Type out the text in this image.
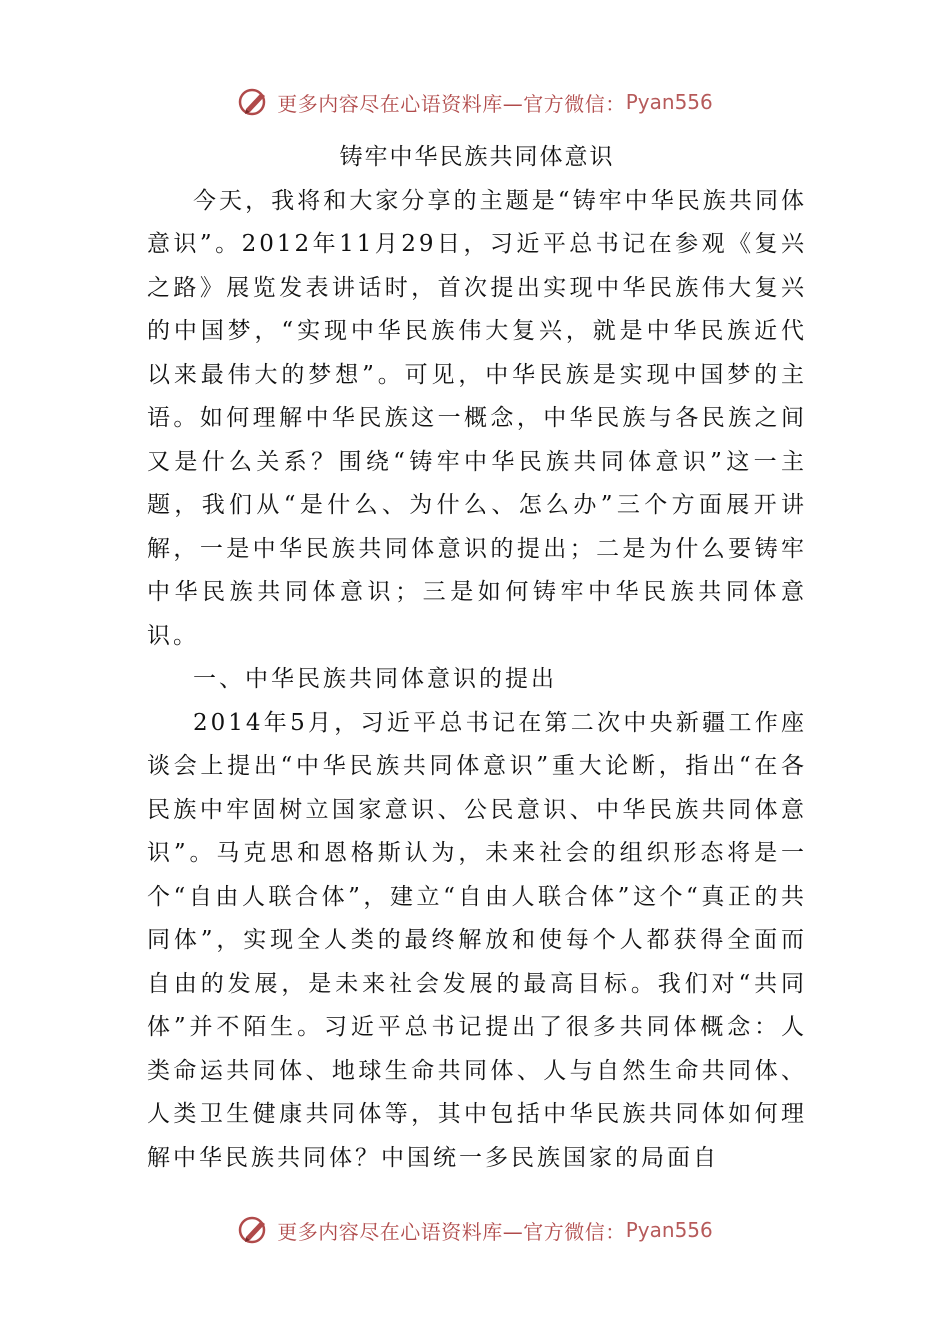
更多内容尽在心语资料库—官方微信： Pyan556
铸牢中华民族共同体意识

今天，我将和大家分享的主题是“铸牢中华民族共同体意识”。2012年11月29日，习近平总书记在参观《复兴之路》展览发表讲话时，首次提出实现中华民族伟大复兴的中国梦，“实现中华民族伟大复兴，就是中华民族近代以来最伟大的梦想”。可见，中华民族是实现中国梦的主语。如何理解中华民族这一概念，中华民族与各民族之间又是什么关系？围绕“铸牢中华民族共同体意识”这一主题，我们从“是什么、为什么、怎么办”三个方面展开讲解，一是中华民族共同体意识的提出；二是为什么要铸牢中华民族共同体意识；三是如何铸牢中华民族共同体意识。

一、中华民族共同体意识的提出

2014年5月，习近平总书记在第二次中央新疆工作座谈会上提出“中华民族共同体意识”重大论断，指出“在各民族中牢固树立国家意识、公民意识、中华民族共同体意识”。马克思和恩格斯认为，未来社会的组织形态将是一个“自由人联合体”，建立“自由人联合体”这个“真正的共同体”，实现全人类的最终解放和使每个人都获得全面而自由的发展，是未来社会发展的最高目标。我们对“共同体”并不陌生。习近平总书记提出了很多共同体概念：人类命运共同体、地球生命共同体、人与自然生命共同体、人类卫生健康共同体等，其中包括中华民族共同体如何理解中华民族共同体？中国统一多民族国家的局面自

更多内容尽在心语资料库—官方微信： Pyan556
